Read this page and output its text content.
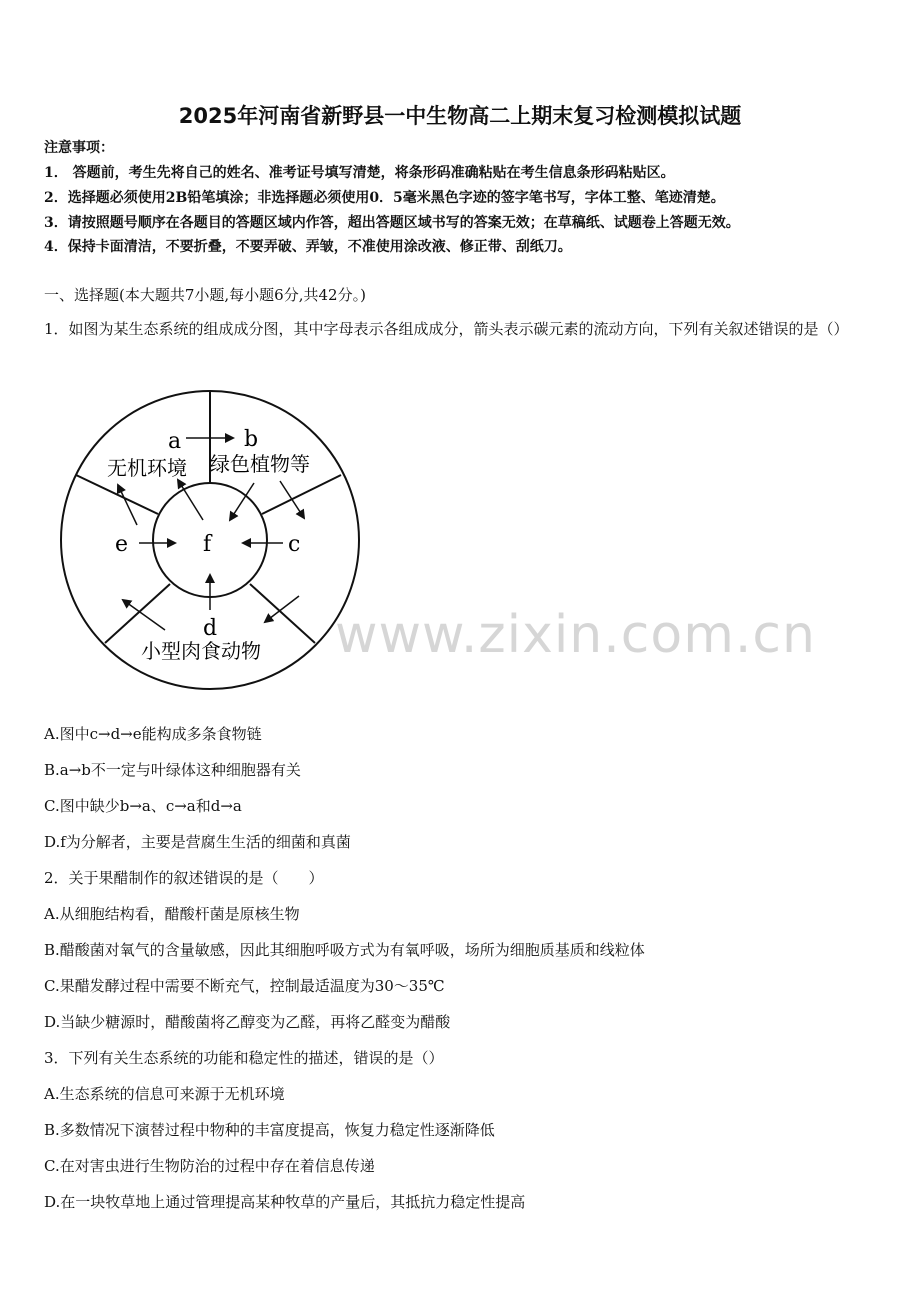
2025年河南省新野县一中生物高二上期末复习检测模拟试题
注意事项：
1． 答题前，考生先将自己的姓名、准考证号填写清楚，将条形码准确粘贴在考生信息条形码粘贴区。
2．选择题必须使用2B铅笔填涂；非选择题必须使用0．5毫米黑色字迹的签字笔书写，字体工整、笔迹清楚。
3．请按照题号顺序在各题目的答题区域内作答，超出答题区域书写的答案无效；在草稿纸、试题卷上答题无效。
4．保持卡面清洁，不要折叠，不要弄破、弄皱，不准使用涂改液、修正带、刮纸刀。
一、选择题(本大题共7小题,每小题6分,共42分。)
1．如图为某生态系统的组成成分图，其中字母表示各组成成分，箭头表示碳元素的流动方向，下列有关叙述错误的是（）
a	b
e	f	c
d
无机环境 绿色植物等
小型肉食动物 www.zixin.com.cn
A.图中c→d→e能构成多条食物链
B.a→b不一定与叶绿体这种细胞器有关
C.图中缺少b→a、c→a和d→a
D.f为分解者，主要是营腐生生活的细菌和真菌
2．关于果醋制作的叙述错误的是（　　）
A.从细胞结构看，醋酸杆菌是原核生物
B.醋酸菌对氧气的含量敏感，因此其细胞呼吸方式为有氧呼吸，场所为细胞质基质和线粒体
C.果醋发酵过程中需要不断充气，控制最适温度为30～35℃
D.当缺少糖源时，醋酸菌将乙醇变为乙醛，再将乙醛变为醋酸
3．下列有关生态系统的功能和稳定性的描述，错误的是（）
A.生态系统的信息可来源于无机环境
B.多数情况下演替过程中物种的丰富度提高，恢复力稳定性逐渐降低
C.在对害虫进行生物防治的过程中存在着信息传递
D.在一块牧草地上通过管理提高某种牧草的产量后，其抵抗力稳定性提高
